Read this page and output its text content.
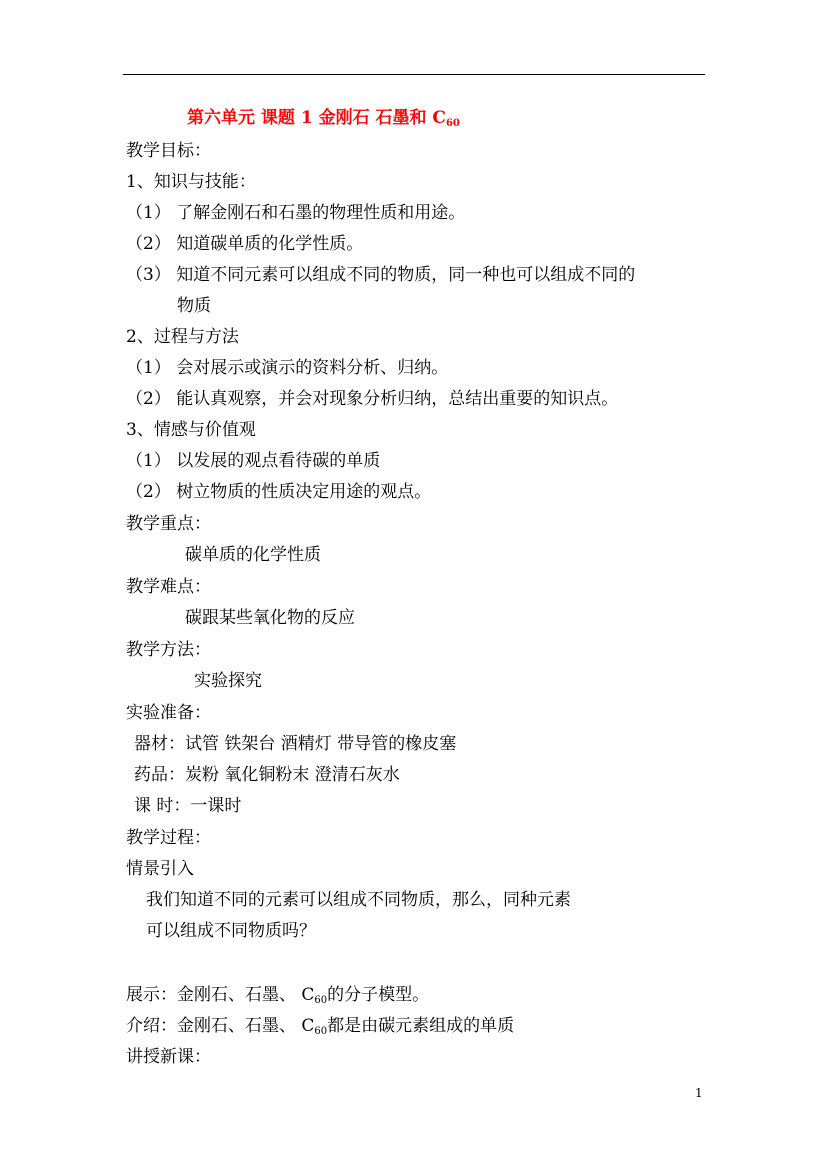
第六单元 课题 1 金刚石 石墨和 $C_{60}$
教学目标：
1、知识与技能：
（1） 了解金刚石和石墨的物理性质和用途。
（2） 知道碳单质的化学性质。
（3） 知道不同元素可以组成不同的物质，同一种也可以组成不同的
物质
2、过程与方法
（1） 会对展示或演示的资料分析、归纳。
（2） 能认真观察，并会对现象分析归纳，总结出重要的知识点。
3、情感与价值观
（1） 以发展的观点看待碳的单质
（2） 树立物质的性质决定用途的观点。
教学重点：
碳单质的化学性质
教学难点：
碳跟某些氧化物的反应
教学方法：
实验探究
实验准备：
器材：试管 铁架台 酒精灯 带导管的橡皮塞
药品：炭粉 氧化铜粉末 澄清石灰水
课 时：一课时
教学过程：
情景引入
我们知道不同的元素可以组成不同物质，那么，同种元素
可以组成不同物质吗？
展示：金刚石、石墨、 $C_{60}$的分子模型。
介绍：金刚石、石墨、 $C_{60}$都是由碳元素组成的单质
讲授新课：
1
